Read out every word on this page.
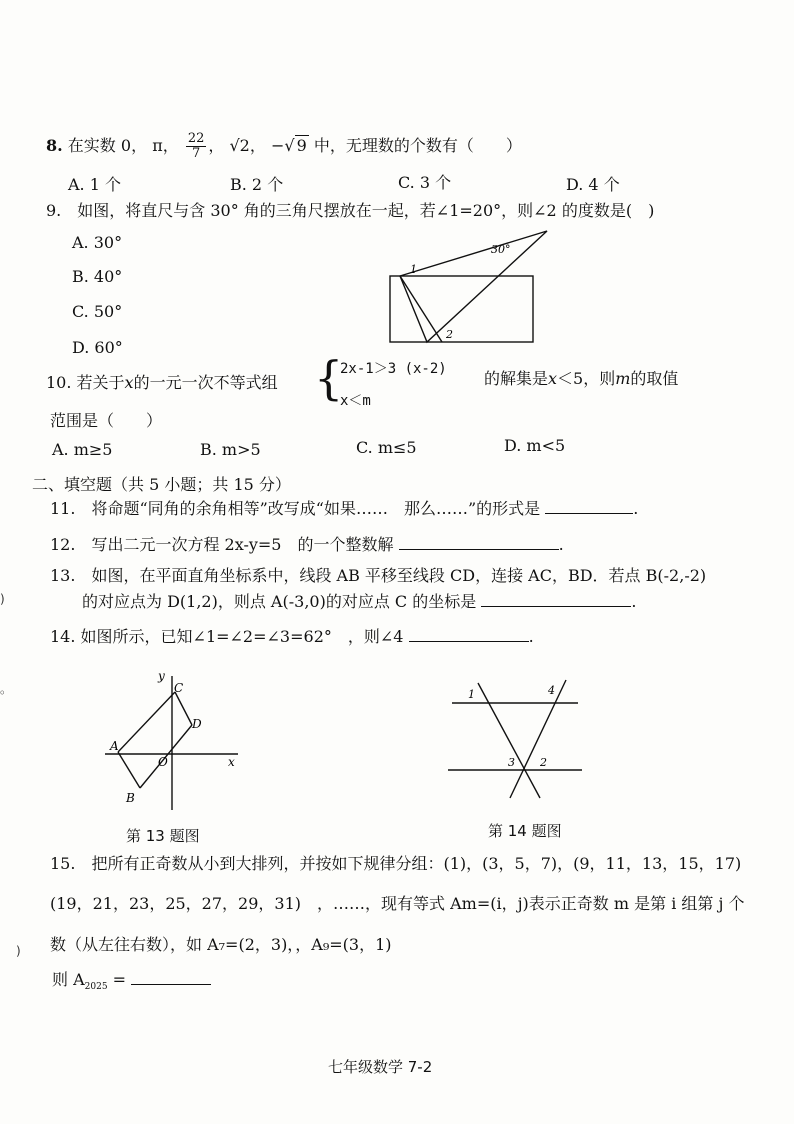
8. 在实数 0， π， $\frac{22}{7}$ ， √2， −√ 9 中，无理数的个数有（　　）
A. 1 个	B. 2 个	C. 3 个	D. 4 个
9.　如图，将直尺与含 30° 角的三角尺摆放在一起，若∠1=20°，则∠2 的度数是(　)
A. 30°
B. 40°
C. 50°
D. 60°
30°
1
2
10. 若关于x的一元一次不等式组 {
2x-1＞3 (x-2)
x＜m
的解集是x＜5，则m的取值
范围是（　　）
A. m≥5	B. m>5	C. m≤5	D. m<5
二、填空题（共 5 小题；共 15 分）
11.　将命题“同角的余角相等”改写成“如果……　那么……”的形式是	.
12.　写出二元一次方程 2x-y=5　的一个整数解	.
13.　如图，在平面直角坐标系中，线段 AB 平移至线段 CD，连接 AC，BD．若点 B(-2,-2)
的对应点为 D(1,2)，则点 A(-3,0)的对应点 C 的坐标是	.
14. 如图所示，已知∠1=∠2=∠3=62°　，则∠4	.
y
C
D
A
O	x
B
第 13 题图
1	4
3 2
第 14 题图
15.　把所有正奇数从小到大排列，并按如下规律分组：(1)，(3，5，7)，(9，11，13，15，17)
(19，21，23，25，27，29，31)　，……，现有等式 Am=(i，j)表示正奇数 m 是第 i 组第 j 个
数（从左往右数），如 A₇=(2，3)，，A₉=(3，1)
则 $A_{2025}$ =
七年级数学 7-2
)
。
)
